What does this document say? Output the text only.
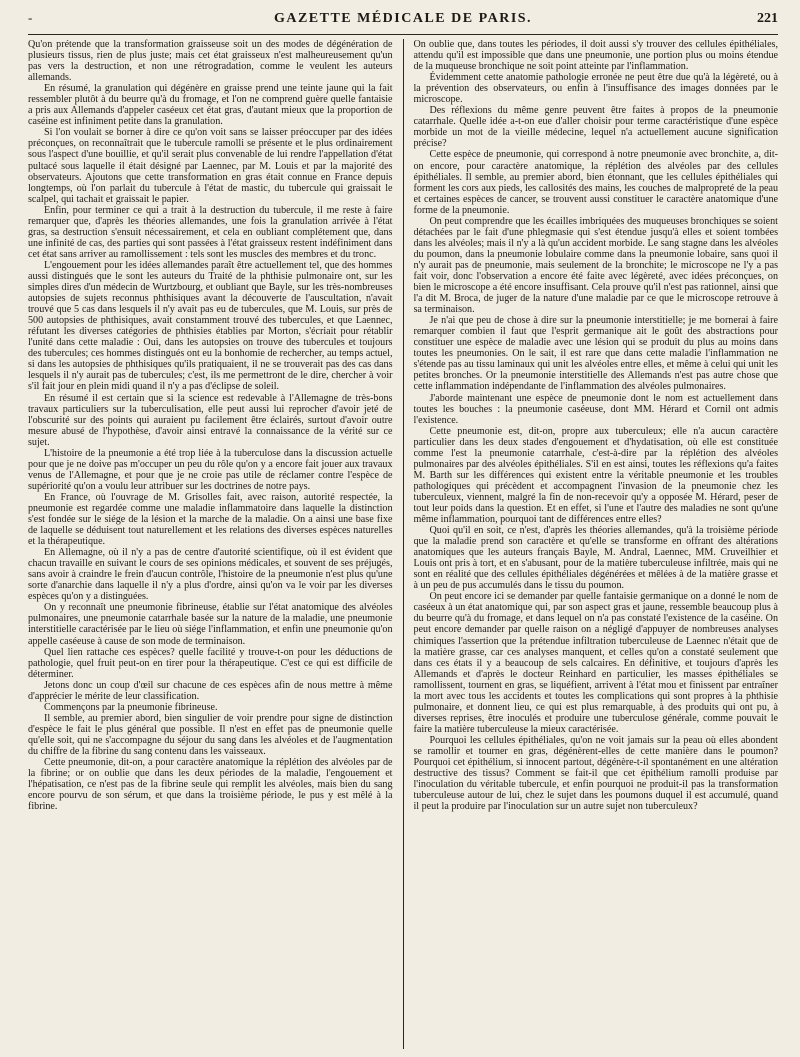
-	GAZETTE MÉDICALE DE PARIS.	221

Qu'on prétende que la transformation graisseuse soit un des modes de dégénération de plusieurs tissus, rien de plus juste; mais cet état graisseux n'est malheureusement qu'un pas vers la destruction, et non une rétrogradation, comme le veulent les auteurs allemands.

En résumé, la granulation qui dégénère en graisse prend une teinte jaune qui la fait ressembler plutôt à du beurre qu'à du fromage, et l'on ne comprend guère quelle fantaisie a pris aux Allemands d'appeler caséeux cet état gras, d'autant mieux que la proportion de caséine est infiniment petite dans la granulation.

Si l'on voulait se borner à dire ce qu'on voit sans se laisser préoccuper par des idées préconçues, on reconnaîtrait que le tubercule ramolli se présente et le plus ordinairement sous l'aspect d'une bouillie, et qu'il serait plus convenable de lui rendre l'appellation d'état pultacé sous laquelle il était désigné par Laennec, par M. Louis et par la majorité des observateurs. Ajoutons que cette transformation en gras était connue en France depuis longtemps, où l'on parlait du tubercule à l'état de mastic, du tubercule qui graissait le scalpel, qui tachait et graissait le papier.

Enfin, pour terminer ce qui a trait à la destruction du tubercule, il me reste à faire remarquer que, d'après les théories allemandes, une fois la granulation arrivée à l'état gras, sa destruction s'ensuit nécessairement, et cela en oubliant complétement que, dans une infinité de cas, des parties qui sont passées à l'état graisseux restent indéfiniment dans cet état sans arriver au ramollissement : tels sont les muscles des membres et du tronc.

L'engouement pour les idées allemandes paraît être actuellement tel, que des hommes aussi distingués que le sont les auteurs du Traité de la phthisie pulmonaire ont, sur les simples dires d'un médecin de Wurtzbourg, et oubliant que Bayle, sur les très-nombreuses autopsies de sujets reconnus phthisiques avant la découverte de l'auscultation, n'avait trouvé que 5 cas dans lesquels il n'y avait pas eu de tubercules, que M. Louis, sur près de 500 autopsies de phthisiques, avait constamment trouvé des tubercules, et que Laennec, réfutant les diverses catégories de phthisies établies par Morton, s'écriait pour rétablir l'unité dans cette maladie : Oui, dans les autopsies on trouve des tubercules et toujours des tubercules; ces hommes distingués ont eu la bonhomie de rechercher, au temps actuel, si dans les autopsies de phthisiques qu'ils pratiquaient, il ne se trouverait pas des cas dans lesquels il n'y aurait pas de tubercules; c'est, ils me permettront de le dire, chercher à voir s'il fait jour en plein midi quand il n'y a pas d'éclipse de soleil.

En résumé il est certain que si la science est redevable à l'Allemagne de très-bons travaux particuliers sur la tuberculisation, elle peut aussi lui reprocher d'avoir jeté de l'obscurité sur des points qui auraient pu facilement être éclairés, surtout d'avoir outre mesure abusé de l'hypothèse, d'avoir ainsi entravé la connaissance de la vérité sur ce sujet.

L'histoire de la pneumonie a été trop liée à la tuberculose dans la discussion actuelle pour que je ne doive pas m'occuper un peu du rôle qu'on y a encore fait jouer aux travaux venus de l'Allemagne, et pour que je ne croie pas utile de réclamer contre l'espèce de supériorité qu'on a voulu leur attribuer sur les doctrines de notre pays.

En France, où l'ouvrage de M. Grisolles fait, avec raison, autorité respectée, la pneumonie est regardée comme une maladie inflammatoire dans laquelle la distinction s'est fondée sur le siége de la lésion et la marche de la maladie. On a ainsi une base fixe de laquelle se déduisent tout naturellement et les relations des diverses espèces naturelles et la thérapeutique.

En Allemagne, où il n'y a pas de centre d'autorité scientifique, où il est évident que chacun travaille en suivant le cours de ses opinions médicales, et souvent de ses préjugés, sans avoir à craindre le frein d'aucun contrôle, l'histoire de la pneumonie n'est plus qu'une sorte d'anarchie dans laquelle il n'y a plus d'ordre, ainsi qu'on va le voir par les diverses espèces qu'on y a distinguées.

On y reconnaît une pneumonie fibrineuse, établie sur l'état anatomique des alvéoles pulmonaires, une pneumonie catarrhale basée sur la nature de la maladie, une pneumonie interstitielle caractérisée par le lieu où siége l'inflammation, et enfin une pneumonie qu'on appelle caséeuse à cause de son mode de terminaison.

Quel lien rattache ces espèces? quelle facilité y trouve-t-on pour les déductions de pathologie, quel fruit peut-on en tirer pour la thérapeutique. C'est ce qui est difficile de déterminer.

Jetons donc un coup d'œil sur chacune de ces espèces afin de nous mettre à même d'apprécier le mérite de leur classification.

Commençons par la pneumonie fibrineuse.

Il semble, au premier abord, bien singulier de voir prendre pour signe de distinction d'espèce le fait le plus général que possible. Il n'est en effet pas de pneumonie quelle qu'elle soit, qui ne s'accompagne du séjour du sang dans les alvéoles et de l'augmentation du chiffre de la fibrine du sang contenu dans les vaisseaux.

Cette pneumonie, dit-on, a pour caractère anatomique la réplétion des alvéoles par de la fibrine; or on oublie que dans les deux périodes de la maladie, l'engouement et l'hépatisation, ce n'est pas de la fibrine seule qui remplit les alvéoles, mais bien du sang encore pourvu de son sérum, et que dans la troisième période, le pus y est mêlé à la fibrine.

On oublie que, dans toutes les périodes, il doit aussi s'y trouver des cellules épithéliales, attendu qu'il est impossible que dans une pneumonie, une portion plus ou moins étendue de la muqueuse bronchique ne soit point atteinte par l'inflammation.

Évidemment cette anatomie pathologie erronée ne peut être due qu'à la légèreté, ou à la prévention des observateurs, ou enfin à l'insuffisance des images données par le microscope.

Des réflexions du même genre peuvent être faites à propos de la pneumonie catarrhale. Quelle idée a-t-on eue d'aller choisir pour terme caractéristique d'une espèce morbide un mot de la vieille médecine, lequel n'a actuellement aucune signification précise?

Cette espèce de pneumonie, qui correspond à notre pneumonie avec bronchite, a, dit-on encore, pour caractère anatomique, la réplétion des alvéoles par des cellules épithéliales. Il semble, au premier abord, bien étonnant, que les cellules épithéliales qui forment les cors aux pieds, les callosités des mains, les couches de malpropreté de la peau et certaines espèces de cancer, se trouvent aussi constituer le caractère anatomique d'une forme de la pneumonie.

On peut comprendre que les écailles imbriquées des muqueuses bronchiques se soient détachées par le fait d'une phlegmasie qui s'est étendue jusqu'à elles et soient tombées dans les alvéoles; mais il n'y a là qu'un accident morbide. Le sang stagne dans les alvéoles du poumon, dans la pneumonie lobulaire comme dans la pneumonie lobaire, sans quoi il n'y aurait pas de pneumonie, mais seulement de la bronchite; le microscope ne l'y a pas fait voir, donc l'observation a encore été faite avec légèreté, avec idées préconçues, on bien le microscope a été encore insuffisant. Cela prouve qu'il n'est pas rationnel, ainsi que l'a dit M. Broca, de juger de la nature d'une maladie par ce que le microscope retrouve à sa terminaison.

Je n'ai que peu de chose à dire sur la pneumonie interstitielle; je me bornerai à faire remarquer combien il faut que l'esprit germanique ait le goût des abstractions pour constituer une espèce de maladie avec une lésion qui se produit du plus au moins dans toutes les pneumonies. On le sait, il est rare que dans cette maladie l'inflammation ne s'étende pas au tissu laminaux qui unit les alvéoles entre elles, et même à celui qui unit les petites bronches. Or la pneumonie interstitielle des Allemands n'est pas autre chose que cette inflammation indépendante de l'inflammation des alvéoles pulmonaires.

J'aborde maintenant une espèce de pneumonie dont le nom est actuellement dans toutes les bouches : la pneumonie caséeuse, dont MM. Hérard et Cornil ont admis l'existence.

Cette pneumonie est, dit-on, propre aux tuberculeux; elle n'a aucun caractère particulier dans les deux stades d'engouement et d'hydatisation, où elle est constituée comme l'est la pneumonie catarrhale, c'est-à-dire par la réplétion des alvéoles pulmonaires par des alvéoles épithéliales. S'il en est ainsi, toutes les réflexions qu'a faites M. Barth sur les différences qui existent entre la véritable pneumonie et les troubles pathologiques qui précèdent et accompagnent l'invasion de la pneumonie chez les tuberculeux, viennent, malgré la fin de non-recevoir qu'y a opposée M. Hérard, peser de tout leur poids dans la question. Et en effet, si l'une et l'autre des maladies ne sont qu'une même inflammation, pourquoi tant de différences entre elles?

Quoi qu'il en soit, ce n'est, d'après les théories allemandes, qu'à la troisième période que la maladie prend son caractère et qu'elle se transforme en offrant des altérations anatomiques que les auteurs français Bayle, M. Andral, Laennec, MM. Cruveilhier et Louis ont pris à tort, et en s'abusant, pour de la matière tuberculeuse infiltrée, mais qui ne sont en réalité que des cellules épithéliales dégénérées et mêlées à de la matière grasse et à un peu de pus accumulés dans le tissu du poumon.

On peut encore ici se demander par quelle fantaisie germanique on a donné le nom de caséeux à un état anatomique qui, par son aspect gras et jaune, ressemble beaucoup plus à du beurre qu'à du fromage, et dans lequel on n'a pas constaté l'existence de la caséine. On peut encore demander par quelle raison on a négligé d'appuyer de nombreuses analyses chimiques l'assertion que la prétendue infiltration tuberculeuse de Laennec n'était que de la matière grasse, car ces analyses manquent, et celles qu'on a constaté seulement que dans ces états il y a beaucoup de sels calcaires. En définitive, et toujours d'après les Allemands et d'après le docteur Reinhard en particulier, les masses épithéliales se ramollissent, tournent en gras, se liquéfient, arrivent à l'état mou et finissent par entraîner la mort avec tous les accidents et toutes les complications qui sont propres à la phthisie pulmonaire, et donnent lieu, ce qui est plus remarquable, à des produits qui ont pu, à diverses reprises, être inoculés et produire une tuberculose générale, comme pouvait le faire la matière tuberculeuse la mieux caractérisée.

Pourquoi les cellules épithéliales, qu'on ne voit jamais sur la peau où elles abondent se ramollir et tourner en gras, dégénèrent-elles de cette manière dans le poumon? Pourquoi cet épithélium, si innocent partout, dégénère-t-il spontanément en une altération destructive des tissus? Comment se fait-il que cet épithélium ramolli produise par l'inoculation du véritable tubercule, et enfin pourquoi ne produit-il pas la transformation tuberculeuse autour de lui, chez le sujet dans les poumons duquel il est accumulé, quand il peut la produire par l'inoculation sur un autre sujet non tuberculeux?
